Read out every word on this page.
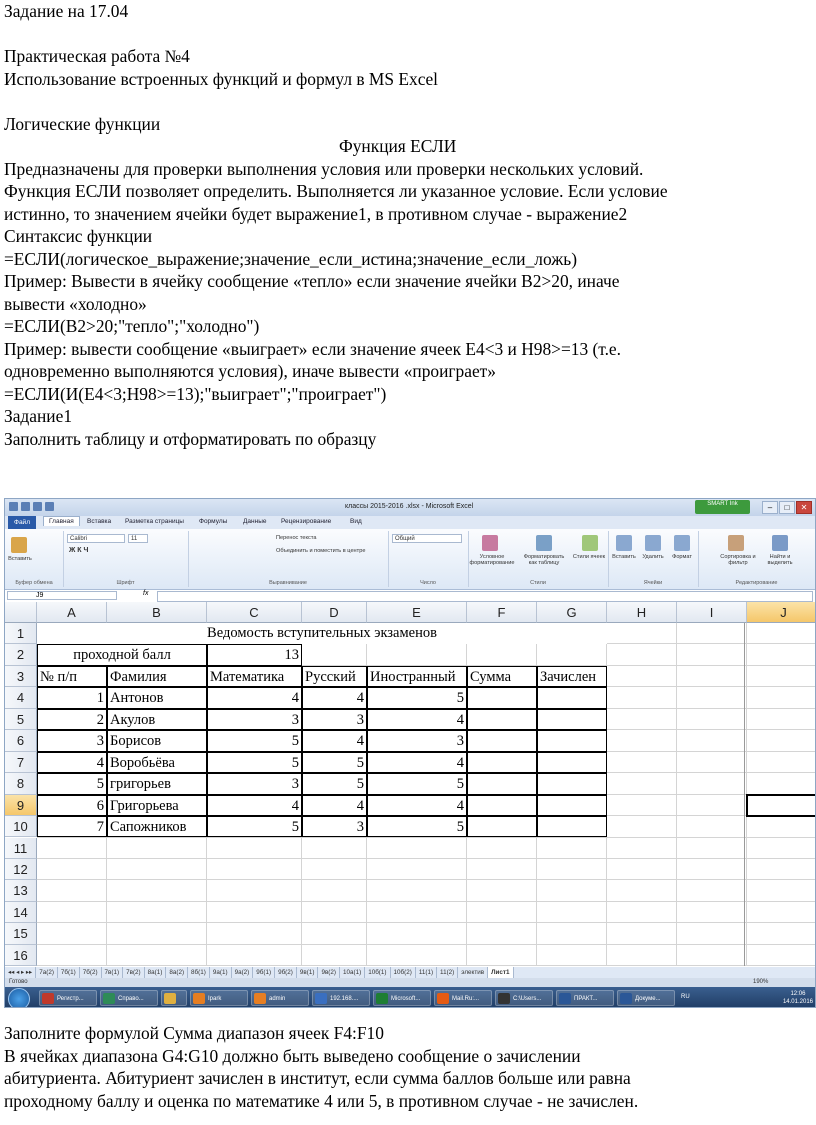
Задание на 17.04

Практическая работа №4

Использование встроенных функций и формул в MS Excel

Логические функции

Функция ЕСЛИ

Предназначены для проверки выполнения условия или проверки нескольких условий.

Функция ЕСЛИ позволяет определить. Выполняется ли указанное условие. Если условие

истинно, то значением ячейки будет выражение1, в противном случае - выражение2

Синтаксис функции

=ЕСЛИ(логическое_выражение;значение_если_истина;значение_если_ложь)

Пример: Вывести в ячейку сообщение «тепло» если значение ячейки B2>20, иначе

вывести «холодно»

=ЕСЛИ(B2>20;"тепло";"холодно")

Пример: вывести сообщение «выиграет» если значение ячеек E4<3 и H98>=13 (т.е.

одновременно выполняются условия), иначе вывести «проиграет»

=ЕСЛИ(И(E4<3;H98>=13);"выиграет";"проиграет")

Задание1

Заполнить таблицу и отформатировать по образцу

классы 2015-2016 .xlsx - Microsoft Excel	SMART Ink	– □ ✕
Файл	Главная	Вставка Разметка страницы Формулы Данные Рецензирование	Вид
Вставить
Буфер обмена
Calibri	11
Ж К Ч
Шрифт
Перенос текста
Объединить и поместить в центре
Выравнивание
Общий
Число
Условное форматирование
Форматировать как таблицу
Стили ячеек
Стили
Вставить	Удалить	Формат
Ячейки
Сортировка и фильтр
Найти и выделить
Редактирование
J9	fx
A	B	C	D	E	F	G	H	I	J
1
2
3
4
5
6
7
8
9
10
11
12
13
14
15
16
Ведомость вступительных экзаменов
проходной балл	13
№ п/п	Фамилия	Математика	Русский Иностранный	Сумма	Зачислен
1 Антонов	4	4	5
2 Акулов	3	3	4
3 Борисов	5	4	3
4 Воробьёва	5	5	4
5 григорьев	3	5	5
6 Григорьева	4	4	4
7 Сапожников	5	3	5
◂◂ ◂ ▸ ▸▸ 7а(2) 7б(1) 7б(2) 7в(1) 7в(2) 8а(1) 8а(2) 8б(1) 9а(1) 9а(2) 9б(1) 9б(2) 9в(1) 9в(2) 10а(1) 10б(1) 10б(2) 11(1) 11(2) электив Лист1
Готово	190%
RU	12:06
14.01.2016
Регистр...	Справо...	Ipark	admin	192.168....	Microsoft...	Mail.Ru:...	C:\Users...	ПРАКТ...	Докуме...

Заполните формулой Сумма диапазон ячеек F4:F10

В ячейках диапазона G4:G10 должно быть выведено сообщение о зачислении

абитуриента. Абитуриент зачислен в институт, если сумма баллов больше или равна

проходному баллу и оценка по математике 4 или 5, в противном случае - не зачислен.
